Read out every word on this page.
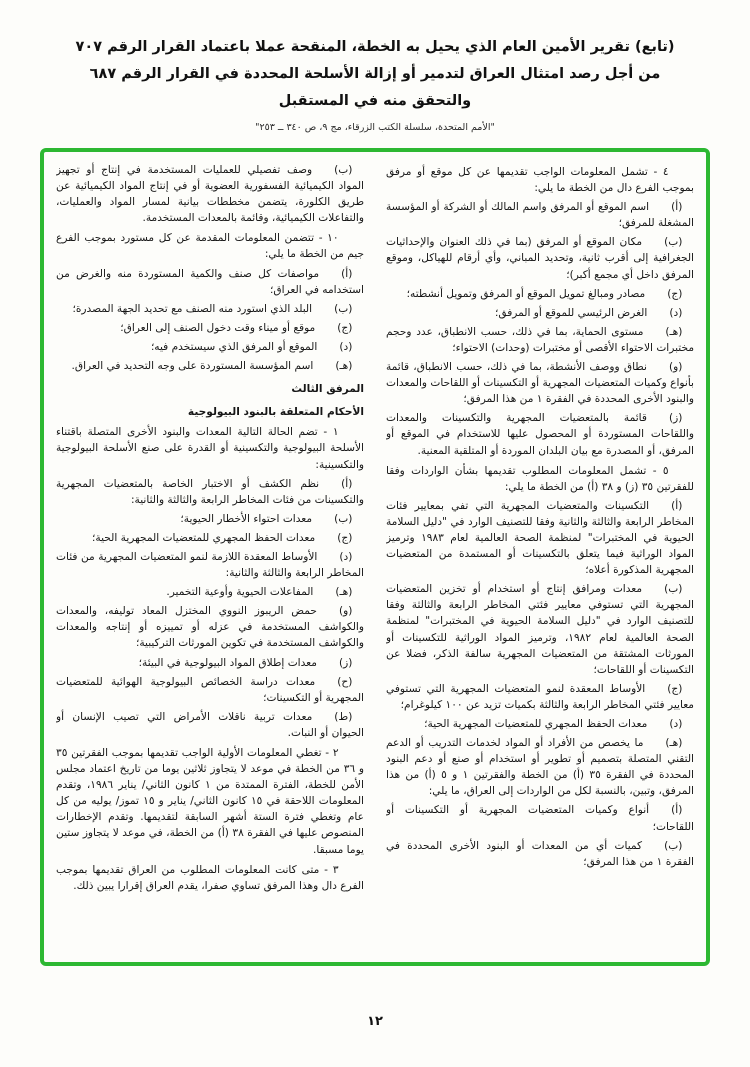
(تابع) تقرير الأمين العام الذي يحيل به الخطة، المنقحة عملا باعتماد القرار الرقم ٧٠٧
من أجل رصد امتثال العراق لتدمير أو إزالة الأسلحة المحددة في القرار الرقم ٦٨٧
والتحقق منه في المستقبل
"الأمم المتحدة، سلسلة الكتب الزرقاء، مج ٩، ص ٣٤٠ ــ ٢٥٣"

٤ - تشمل المعلومات الواجب تقديمها عن كل موقع أو مرفق بموجب الفرع دال من الخطة ما يلي:

(أ)اسم الموقع أو المرفق واسم المالك أو الشركة أو المؤسسة المشغلة للمرفق؛

(ب)مكان الموقع أو المرفق (بما في ذلك العنوان والإحداثيات الجغرافية إلى أقرب ثانية، وتحديد المباني، وأي أرقام للهياكل، وموقع المرفق داخل أي مجمع أكبر)؛

(ج)مصادر ومبالغ تمويل الموقع أو المرفق وتمويل أنشطته؛

(د)الغرض الرئيسي للموقع أو المرفق؛

(هـ)مستوى الحماية، بما في ذلك، حسب الانطباق، عدد وحجم مختبرات الاحتواء الأقصى أو مختبرات (وحدات) الاحتواء؛

(و)نطاق ووصف الأنشطة، بما في ذلك، حسب الانطباق، قائمة بأنواع وكميات المتعضيات المجهرية أو التكسينات أو اللقاحات والمعدات والبنود الأخرى المحددة في الفقرة ١ من هذا المرفق؛

(ز)قائمة بالمتعضيات المجهرية والتكسينات والمعدات واللقاحات المستوردة أو المحصول عليها للاستخدام في الموقع أو المرفق، أو المصدرة مع بيان البلدان الموردة أو المتلقية المعنية.

٥ - تشمل المعلومات المطلوب تقديمها بشأن الواردات وفقا للفقرتين ٣٥ (ز) و ٣٨ (أ) من الخطة ما يلي:

(أ)التكسينات والمتعضيات المجهرية التي تفي بمعايير فئات المخاطر الرابعة والثالثة والثانية وفقا للتصنيف الوارد في "دليل السلامة الحيوية في المختبرات" لمنظمة الصحة العالمية لعام ١٩٨٣ وترميز المواد الوراثية فيما يتعلق بالتكسينات أو المستمدة من المتعضيات المجهرية المذكورة أعلاه؛

(ب)معدات ومرافق إنتاج أو استخدام أو تخزين المتعضيات المجهرية التي تستوفي معايير فئتي المخاطر الرابعة والثالثة وفقا للتصنيف الوارد في "دليل السلامة الحيوية في المختبرات" لمنظمة الصحة العالمية لعام ١٩٨٢، وترميز المواد الوراثية للتكسينات أو المورثات المشتقة من المتعضيات المجهرية سالفة الذكر، فضلا عن التكسينات أو اللقاحات؛

(ج)الأوساط المعقدة لنمو المتعضيات المجهرية التي تستوفي معايير فئتي المخاطر الرابعة والثالثة بكميات تزيد عن ١٠٠ كيلوغرام؛

(د)معدات الحفظ المجهري للمتعضيات المجهرية الحية؛

(هـ)ما يخصص من الأفراد أو المواد لخدمات التدريب أو الدعم التقني المتصلة بتصميم أو تطوير أو استخدام أو صنع أو دعم البنود المحددة في الفقرة ٣٥ (أ) من الخطة والفقرتين ١ و ٥ (أ) من هذا المرفق، وتبين، بالنسبة لكل من الواردات إلى العراق، ما يلي:

(أ)أنواع وكميات المتعضيات المجهرية أو التكسينات أو اللقاحات؛

(ب)كميات أي من المعدات أو البنود الأخرى المحددة في الفقرة ١ من هذا المرفق؛

(ب)وصف تفصيلي للعمليات المستخدمة في إنتاج أو تجهيز المواد الكيميائية الفسفورية العضوية أو في إنتاج المواد الكيميائية عن طريق الكلورة، يتضمن مخططات بيانية لمسار المواد والعمليات، والتفاعلات الكيميائية، وقائمة بالمعدات المستخدمة.

١٠ - تتضمن المعلومات المقدمة عن كل مستورد بموجب الفرع جيم من الخطة ما يلي:

(أ)مواصفات كل صنف والكمية المستوردة منه والغرض من استخدامه في العراق؛

(ب)البلد الذي استورد منه الصنف مع تحديد الجهة المصدرة؛

(ج)موقع أو ميناء وقت دخول الصنف إلى العراق؛

(د)الموقع أو المرفق الذي سيستخدم فيه؛

(هـ)اسم المؤسسة المستوردة على وجه التحديد في العراق.

المرفق الثالث

الأحكام المتعلقة بالبنود البيولوجية

١ - تضم الحالة التالية المعدات والبنود الأخرى المتصلة باقتناء الأسلحة البيولوجية والتكسينية أو القدرة على صنع الأسلحة البيولوجية والتكسينية:

(أ)نظم الكشف أو الاختبار الخاصة بالمتعضيات المجهرية والتكسينات من فئات المخاطر الرابعة والثالثة والثانية:

(ب)معدات احتواء الأخطار الحيوية؛

(ج)معدات الحفظ المجهري للمتعضيات المجهرية الحية؛

(د)الأوساط المعقدة اللازمة لنمو المتعضيات المجهرية من فئات المخاطر الرابعة والثالثة والثانية:

(هـ)المفاعلات الحيوية وأوعية التخمير.

(و)حمض الريبوز النووي المختزل المعاد توليفه، والمعدات والكواشف المستخدمة في عزله أو تمييزه أو إنتاجه والمعدات والكواشف المستخدمة في تكوين المورثات التركيبية؛

(ز)معدات إطلاق المواد البيولوجية في البيئة؛

(ح)معدات دراسة الخصائص البيولوجية الهوائية للمتعضيات المجهرية أو التكسينات؛

(ط)معدات تربية ناقلات الأمراض التي تصيب الإنسان أو الحيوان أو النبات.

٢ - تغطي المعلومات الأولية الواجب تقديمها بموجب الفقرتين ٣٥ و ٣٦ من الخطة في موعد لا يتجاوز ثلاثين يوما من تاريخ اعتماد مجلس الأمن للخطة، الفترة الممتدة من ١ كانون الثاني/ يناير ١٩٨٦، وتقدم المعلومات اللاحقة في ١٥ كانون الثاني/ يناير و ١٥ تموز/ يوليه من كل عام وتغطي فترة الستة أشهر السابقة لتقديمها. وتقدم الإخطارات المنصوص عليها في الفقرة ٣٨ (أ) من الخطة، في موعد لا يتجاوز ستين يوما مسبقا.

٣ - متى كانت المعلومات المطلوب من العراق تقديمها بموجب الفرع دال وهذا المرفق تساوي صفرا، يقدم العراق إقرارا يبين ذلك.

١٢
